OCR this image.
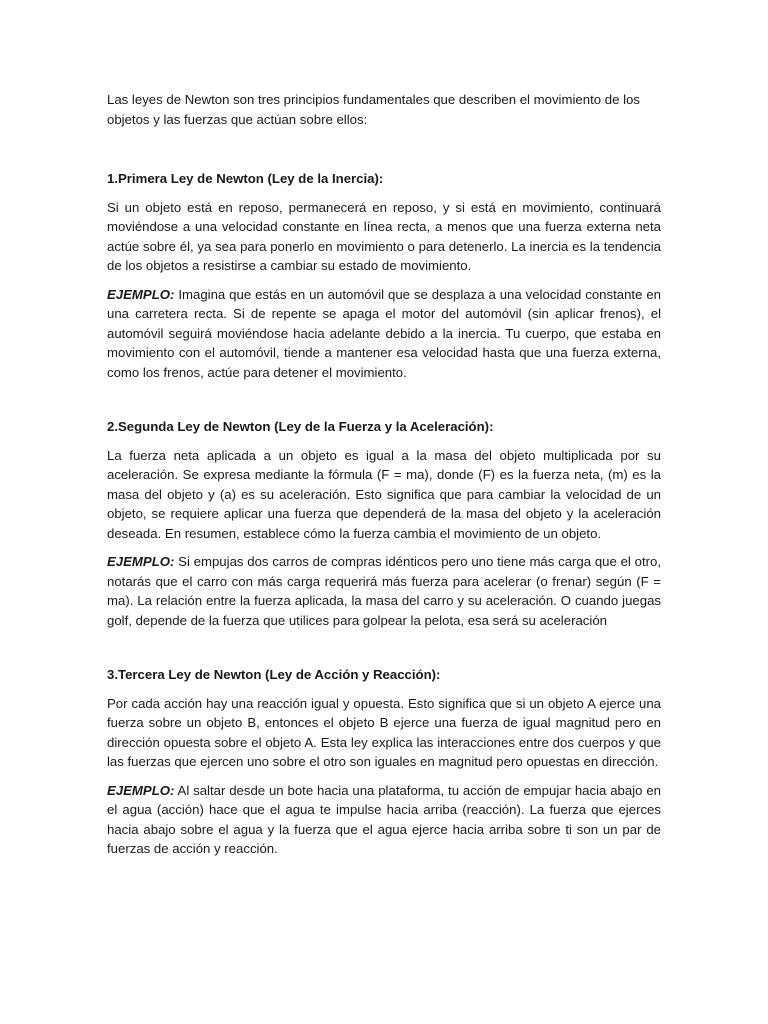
Las leyes de Newton son tres principios fundamentales que describen el movimiento de los objetos y las fuerzas que actúan sobre ellos:

1.Primera Ley de Newton (Ley de la Inercia):

Si un objeto está en reposo, permanecerá en reposo, y si está en movimiento, continuará moviéndose a una velocidad constante en línea recta, a menos que una fuerza externa neta actúe sobre él, ya sea para ponerlo en movimiento o para detenerlo. La inercia es la tendencia de los objetos a resistirse a cambiar su estado de movimiento.

EJEMPLO: Imagina que estás en un automóvil que se desplaza a una velocidad constante en una carretera recta. Si de repente se apaga el motor del automóvil (sin aplicar frenos), el automóvil seguirá moviéndose hacia adelante debido a la inercia. Tu cuerpo, que estaba en movimiento con el automóvil, tiende a mantener esa velocidad hasta que una fuerza externa, como los frenos, actúe para detener el movimiento.

2.Segunda Ley de Newton (Ley de la Fuerza y la Aceleración):

La fuerza neta aplicada a un objeto es igual a la masa del objeto multiplicada por su aceleración. Se expresa mediante la fórmula (F = ma), donde (F) es la fuerza neta, (m) es la masa del objeto y (a) es su aceleración. Esto significa que para cambiar la velocidad de un objeto, se requiere aplicar una fuerza que dependerá de la masa del objeto y la aceleración deseada. En resumen, establece cómo la fuerza cambia el movimiento de un objeto.

EJEMPLO: Si empujas dos carros de compras idénticos pero uno tiene más carga que el otro, notarás que el carro con más carga requerirá más fuerza para acelerar (o frenar) según (F = ma). La relación entre la fuerza aplicada, la masa del carro y su aceleración. O cuando juegas golf, depende de la fuerza que utilices para golpear la pelota, esa será su aceleración

3.Tercera Ley de Newton (Ley de Acción y Reacción):

Por cada acción hay una reacción igual y opuesta. Esto significa que si un objeto A ejerce una fuerza sobre un objeto B, entonces el objeto B ejerce una fuerza de igual magnitud pero en dirección opuesta sobre el objeto A. Esta ley explica las interacciones entre dos cuerpos y que las fuerzas que ejercen uno sobre el otro son iguales en magnitud pero opuestas en dirección.

EJEMPLO: Al saltar desde un bote hacia una plataforma, tu acción de empujar hacia abajo en el agua (acción) hace que el agua te impulse hacia arriba (reacción). La fuerza que ejerces hacia abajo sobre el agua y la fuerza que el agua ejerce hacia arriba sobre ti son un par de fuerzas de acción y reacción.
